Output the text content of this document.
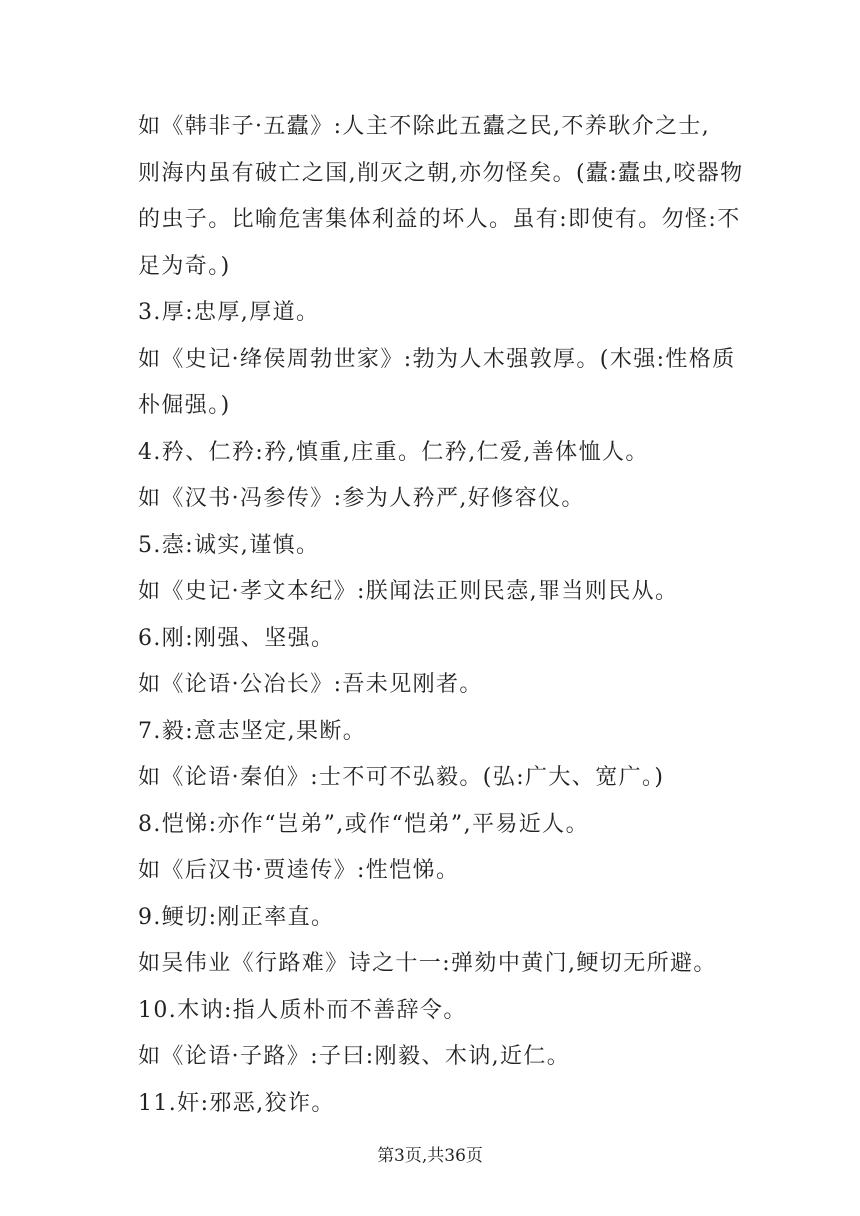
如《韩非子·五蠹》:人主不除此五蠹之民,不养耿介之士,
则海内虽有破亡之国,削灭之朝,亦勿怪矣。(蠹:蠹虫,咬器物
的虫子。比喻危害集体利益的坏人。虽有:即使有。勿怪:不
足为奇。)
3.厚:忠厚,厚道。
如《史记·绛侯周勃世家》:勃为人木强敦厚。(木强:性格质
朴倔强。)
4.矜、仁矜:矜,慎重,庄重。仁矜,仁爱,善体恤人。
如《汉书·冯参传》:参为人矜严,好修容仪。
5.悫:诚实,谨慎。
如《史记·孝文本纪》:朕闻法正则民悫,罪当则民从。
6.刚:刚强、坚强。
如《论语·公冶长》:吾未见刚者。
7.毅:意志坚定,果断。
如《论语·秦伯》:士不可不弘毅。(弘:广大、宽广。)
8.恺悌:亦作“岂弟”,或作“恺弟”,平易近人。
如《后汉书·贾逵传》:性恺悌。
9.鲠切:刚正率直。
如吴伟业《行路难》诗之十一:弹劾中黄门,鲠切无所避。
10.木讷:指人质朴而不善辞令。
如《论语·子路》:子曰:刚毅、木讷,近仁。
11.奸:邪恶,狡诈。
第3页,共36页
